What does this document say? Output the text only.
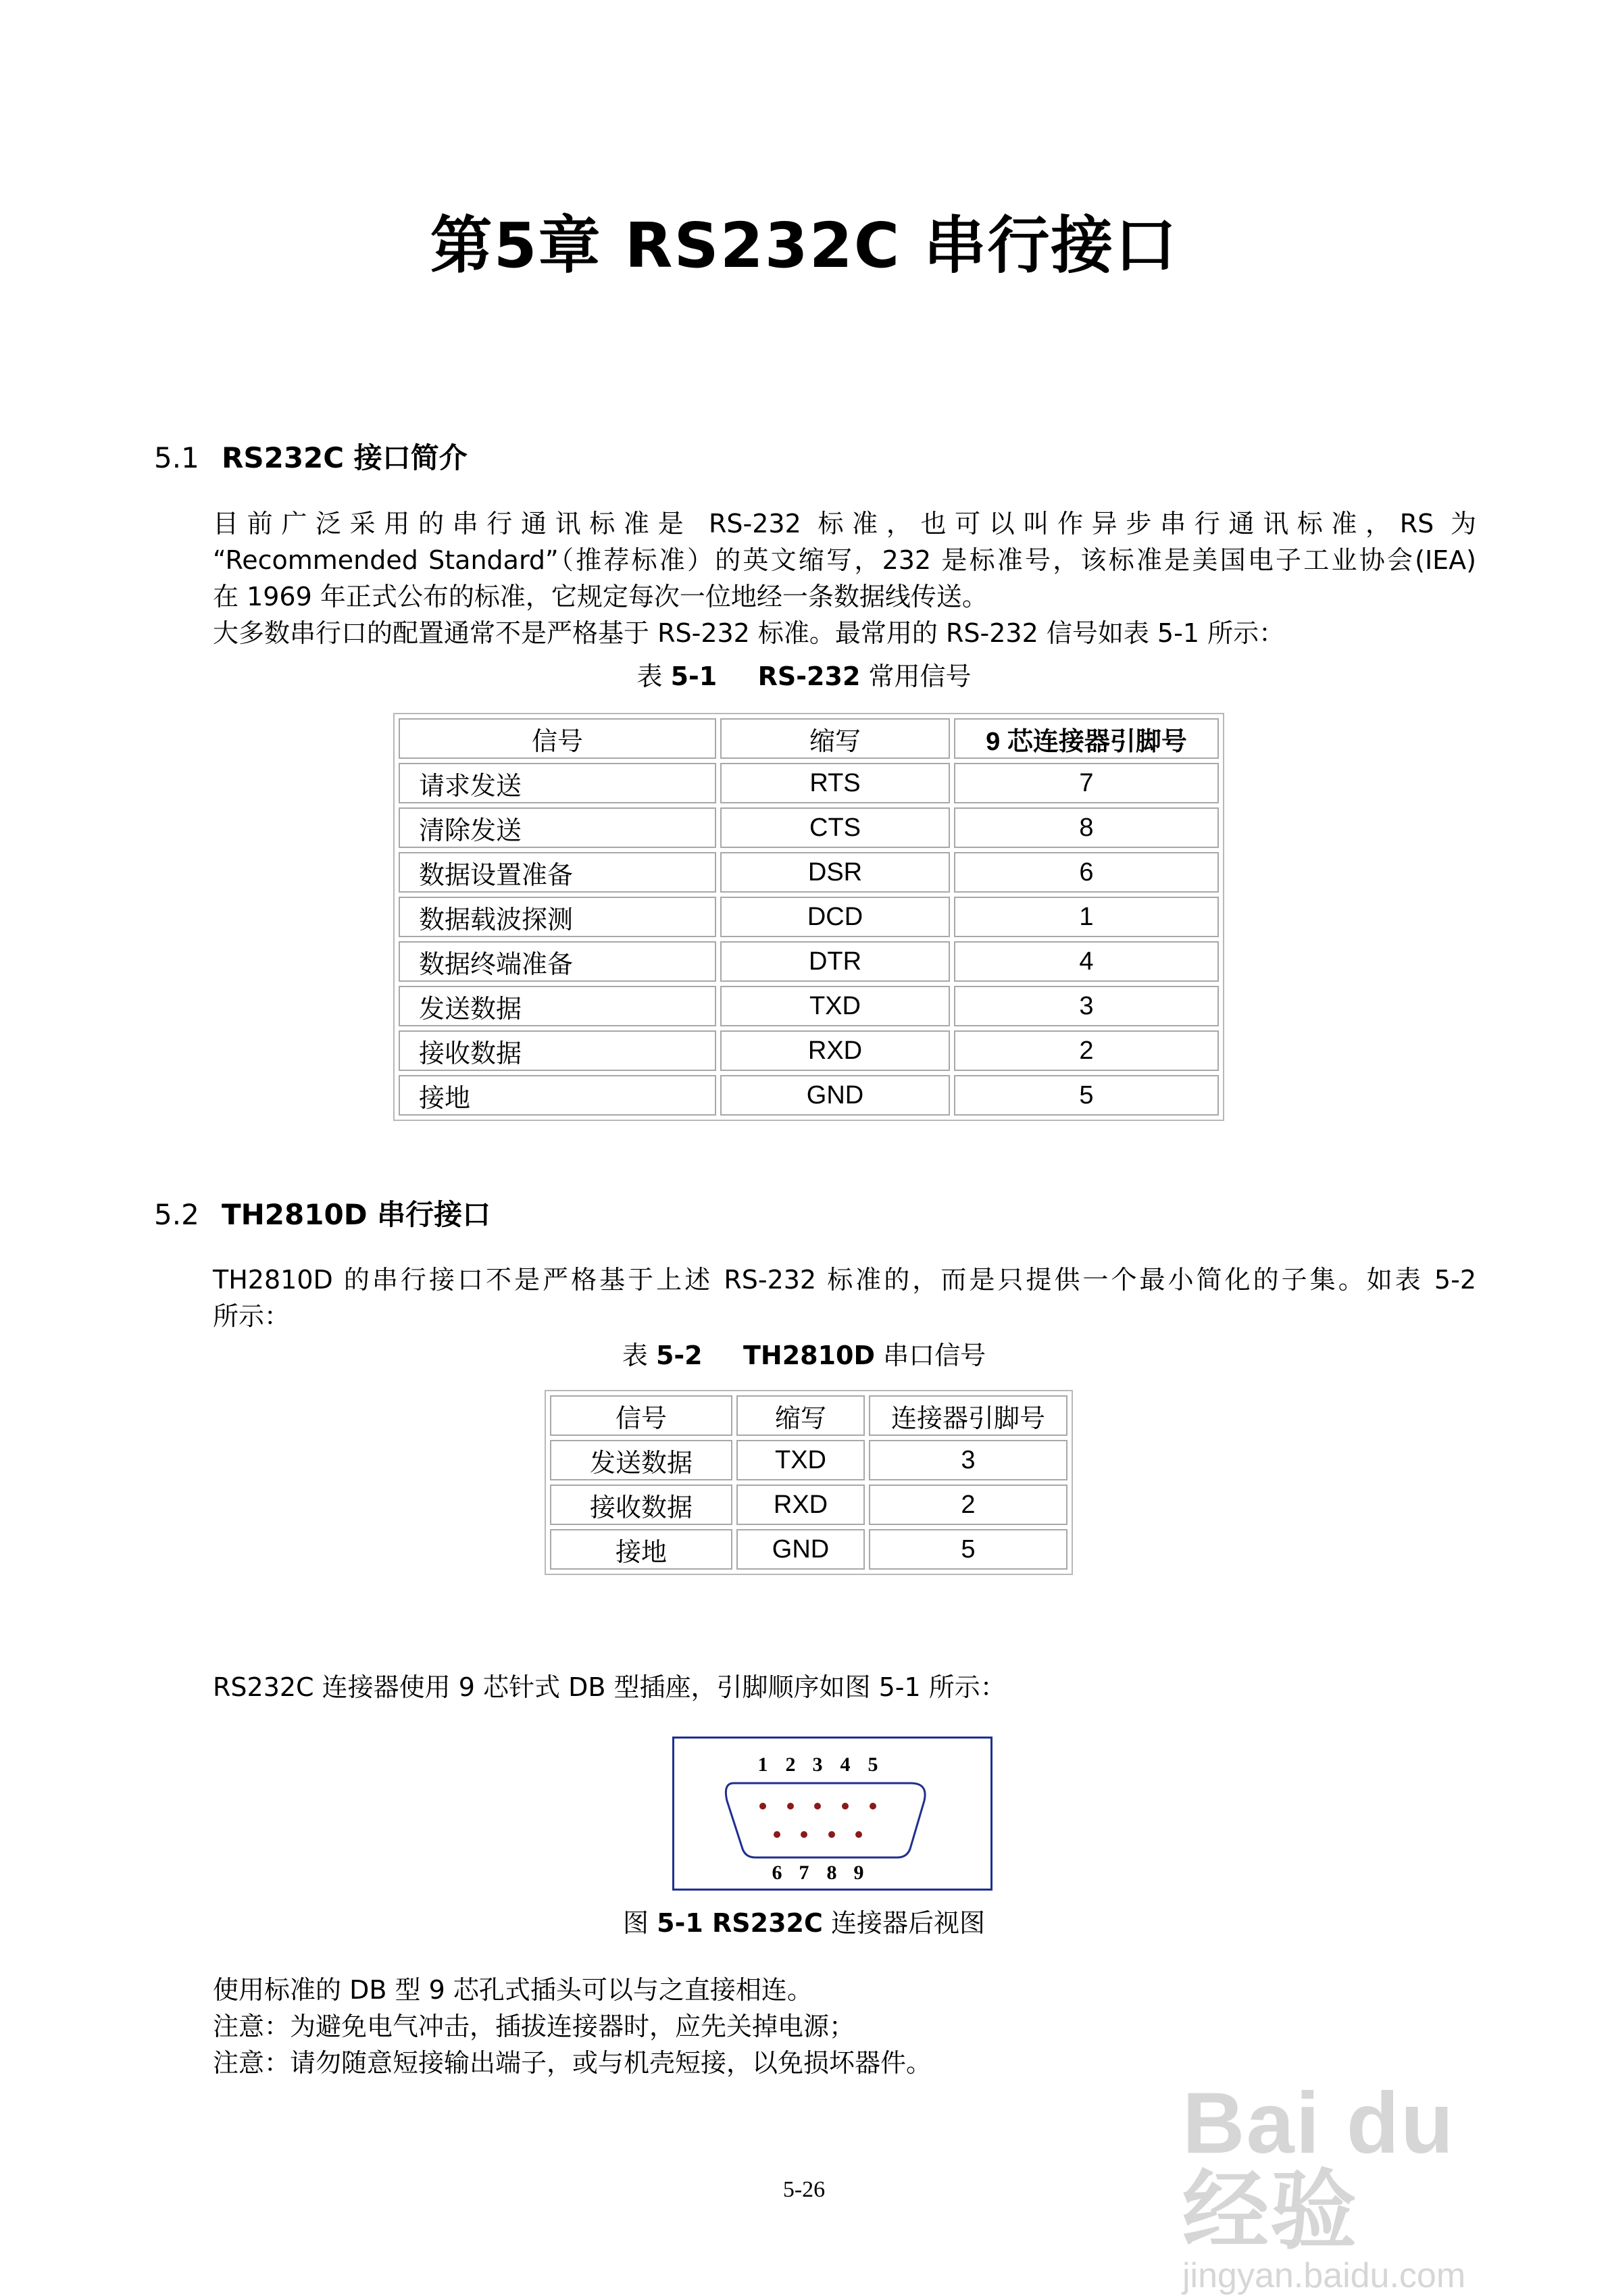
第5章 RS232C 串行接口
5.1 RS232C 接口简介
目前广泛采用的串行通讯标准是 RS-232 标准，也可以叫作异步串行通讯标准，RS 为
“Recommended Standard”（推荐标准）的英文缩写，232 是标准号，该标准是美国电子工业协会(IEA)
在 1969 年正式公布的标准，它规定每次一位地经一条数据线传送。
大多数串行口的配置通常不是严格基于 RS-232 标准。最常用的 RS-232 信号如表 5-1 所示：
表 5-1 RS-232 常用信号
信号	缩写	9 芯连接器引脚号
请求发送	RTS	7
清除发送	CTS	8
数据设置准备	DSR	6
数据载波探测	DCD	1
数据终端准备	DTR	4
发送数据	TXD	3
接收数据	RXD	2
接地	GND	5
5.2 TH2810D 串行接口
TH2810D 的串行接口不是严格基于上述 RS-232 标准的，而是只提供一个最小简化的子集。如表 5-2
所示：
表 5-2 TH2810D 串口信号
信号	缩写	连接器引脚号
发送数据	TXD	3
接收数据	RXD	2
接地	GND	5
RS232C 连接器使用 9 芯针式 DB 型插座，引脚顺序如图 5-1 所示：
1 2 3 4 5
6 7 8 9
图 5-1 RS232C 连接器后视图
使用标准的 DB 型 9 芯孔式插头可以与之直接相连。
注意：为避免电气冲击，插拔连接器时，应先关掉电源；
注意：请勿随意短接输出端子，或与机壳短接，以免损坏器件。
5-26
Bai du 经验
jingyan.baidu.com
